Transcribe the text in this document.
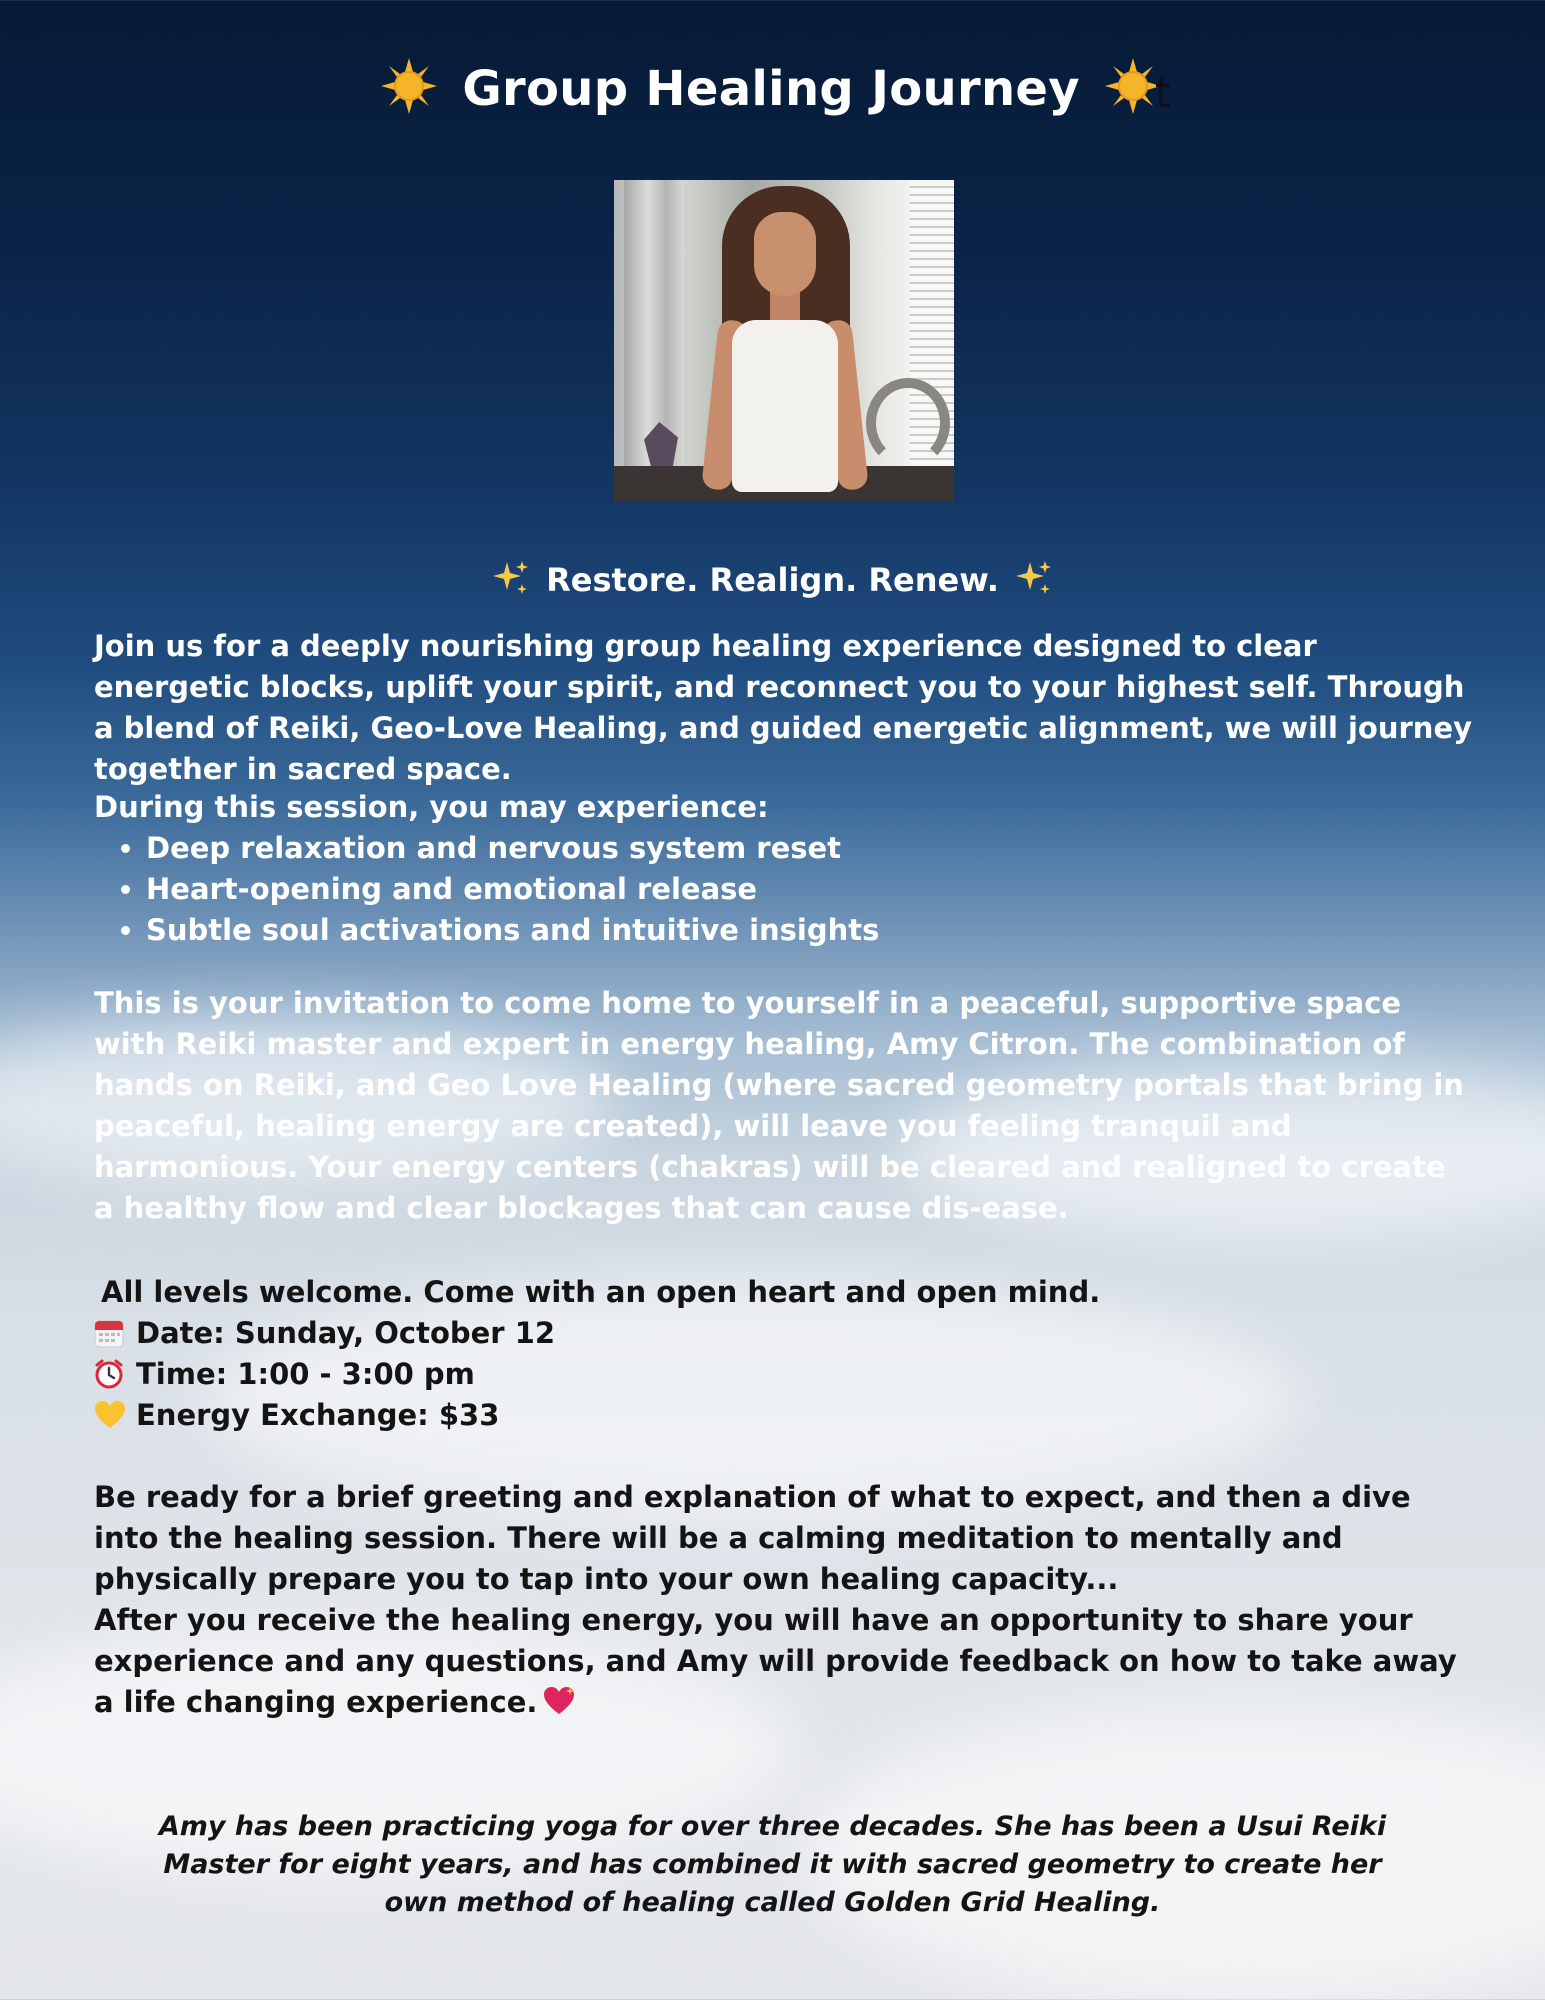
Group Healing Journey t
Restore. Realign. Renew.

Join us for a deeply nourishing group healing experience designed to clear energetic blocks, uplift your spirit, and reconnect you to your highest self. Through a blend of Reiki, Geo-Love Healing, and guided energetic alignment, we will journey together in sacred space.

During this session, you may experience:

• Deep relaxation and nervous system reset
• Heart-opening and emotional release
• Subtle soul activations and intuitive insights

This is your invitation to come home to yourself in a peaceful, supportive space with Reiki master and expert in energy healing, Amy Citron. The combination of hands on Reiki, and Geo Love Healing (where sacred geometry portals that bring in peaceful, healing energy are created), will leave you feeling tranquil and harmonious. Your energy centers (chakras) will be cleared and realigned to create a healthy flow and clear blockages that can cause dis-ease.

All levels welcome. Come with an open heart and open mind.
Date: Sunday, October 12
Time: 1:00 - 3:00 pm
Energy Exchange: $33

Be ready for a brief greeting and explanation of what to expect, and then a dive into the healing session. There will be a calming meditation to mentally and physically prepare you to tap into your own healing capacity...

After you receive the healing energy, you will have an opportunity to share your experience and any questions, and Amy will provide feedback on how to take away a life changing experience.

Amy has been practicing yoga for over three decades. She has been a Usui Reiki Master for eight years, and has combined it with sacred geometry to create her own method of healing called Golden Grid Healing.
